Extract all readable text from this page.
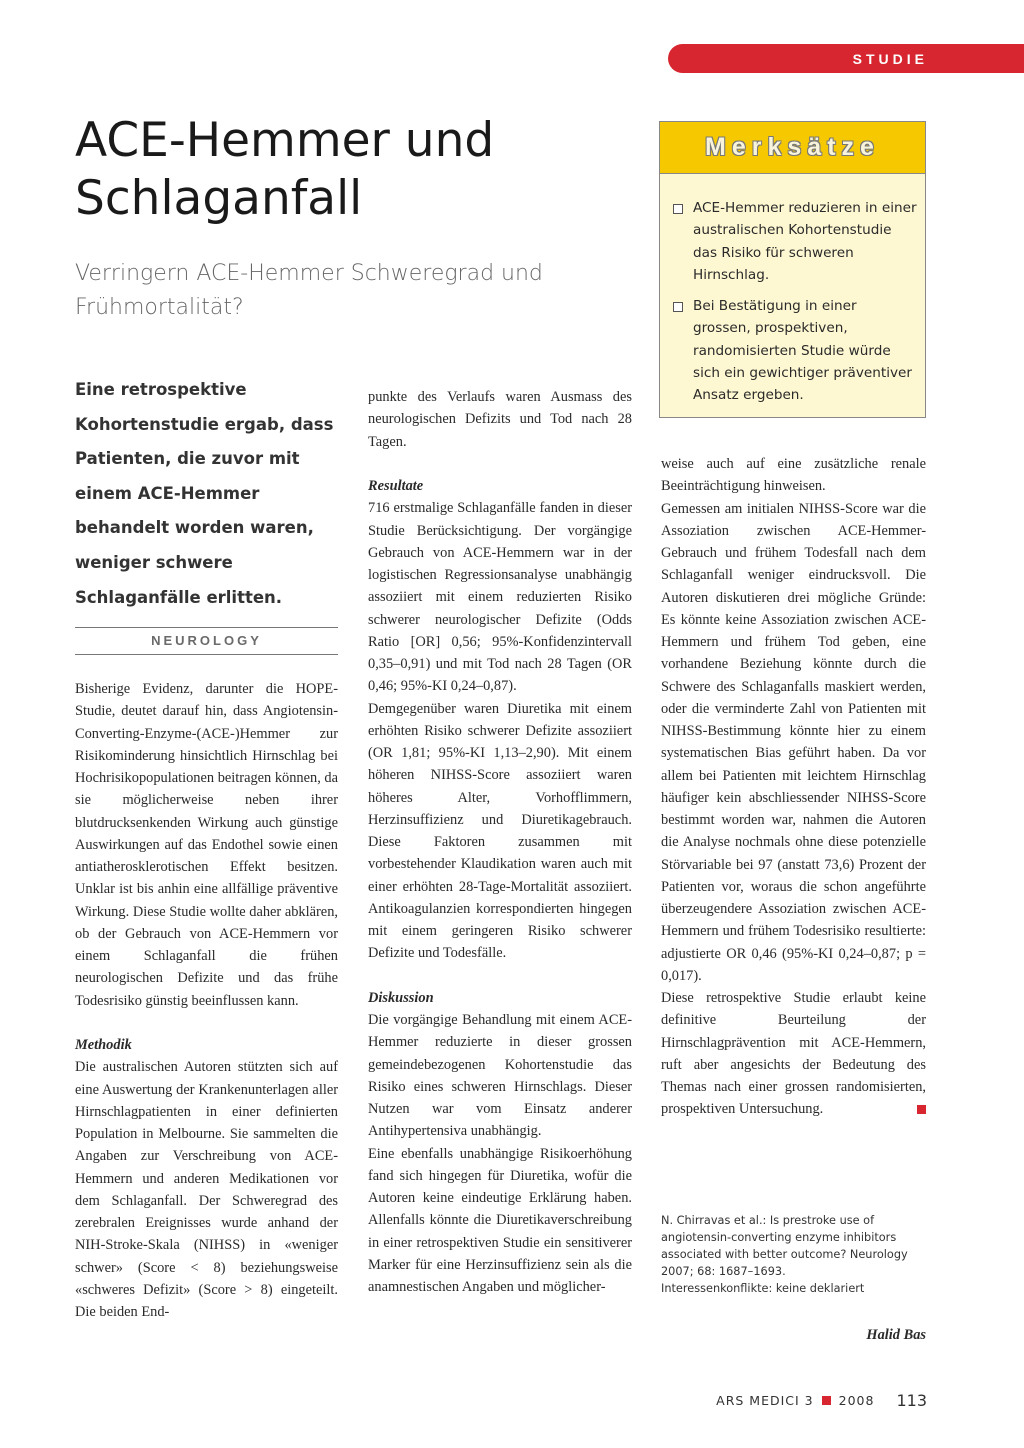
STUDIE
ACE-Hemmer und
Schlaganfall

Verringern ACE-Hemmer Schweregrad und Frühmortalität?

Eine retrospektive Kohortenstudie ergab, dass Patienten, die zuvor mit einem ACE-Hemmer behandelt worden waren, weniger schwere Schlaganfälle erlitten.

NEUROLOGY
Merksätze
ACE-Hemmer reduzieren in einer australischen Kohortenstudie das Risiko für schweren Hirnschlag.
Bei Bestätigung in einer grossen, prospektiven, randomisierten Studie würde sich ein gewichtiger präventiver Ansatz ergeben.

Bisherige Evidenz, darunter die HOPE-Studie, deutet darauf hin, dass Angiotensin-Converting-Enzyme-(ACE-)Hemmer zur Risikominderung hinsichtlich Hirnschlag bei Hochrisikopopulationen beitragen können, da sie möglicherweise neben ihrer blutdrucksenkenden Wirkung auch günstige Auswirkungen auf das Endothel sowie einen antiatherosklerotischen Effekt besitzen. Unklar ist bis anhin eine allfällige präventive Wirkung. Diese Studie wollte daher abklären, ob der Gebrauch von ACE-Hemmern vor einem Schlaganfall die frühen neurologischen Defizite und das frühe Todesrisiko günstig beeinflussen kann.

Methodik

Die australischen Autoren stützten sich auf eine Auswertung der Krankenunterlagen aller Hirnschlagpatienten in einer definierten Population in Melbourne. Sie sammelten die Angaben zur Verschreibung von ACE-Hemmern und anderen Medikationen vor dem Schlaganfall. Der Schweregrad des zerebralen Ereignisses wurde anhand der NIH-Stroke-Skala (NIHSS) in «weniger schwer» (Score < 8) beziehungsweise «schweres Defizit» (Score > 8) eingeteilt. Die beiden End-

punkte des Verlaufs waren Ausmass des neurologischen Defizits und Tod nach 28 Tagen.

Resultate

716 erstmalige Schlaganfälle fanden in dieser Studie Berücksichtigung. Der vorgängige Gebrauch von ACE-Hemmern war in der logistischen Regressionsanalyse unabhängig assoziiert mit einem reduzierten Risiko schwerer neurologischer Defizite (Odds Ratio [OR] 0,56; 95%-Konfidenzintervall 0,35–0,91) und mit Tod nach 28 Tagen (OR 0,46; 95%-KI 0,24–0,87).

Demgegenüber waren Diuretika mit einem erhöhten Risiko schwerer Defizite assoziiert (OR 1,81; 95%-KI 1,13–2,90). Mit einem höheren NIHSS-Score assoziiert waren höheres Alter, Vorhofflimmern, Herzinsuffizienz und Diuretikagebrauch. Diese Faktoren zusammen mit vorbestehender Klaudikation waren auch mit einer erhöhten 28-Tage-Mortalität assoziiert. Antikoagulanzien korrespondierten hingegen mit einem geringeren Risiko schwerer Defizite und Todesfälle.

Diskussion

Die vorgängige Behandlung mit einem ACE-Hemmer reduzierte in dieser grossen gemeindebezogenen Kohortenstudie das Risiko eines schweren Hirnschlags. Dieser Nutzen war vom Einsatz anderer Antihypertensiva unabhängig.

Eine ebenfalls unabhängige Risikoerhöhung fand sich hingegen für Diuretika, wofür die Autoren keine eindeutige Erklärung haben. Allenfalls könnte die Diuretikaverschreibung in einer retrospektiven Studie ein sensitiverer Marker für eine Herzinsuffizienz sein als die anamnestischen Angaben und möglicher-

weise auch auf eine zusätzliche renale Beeinträchtigung hinweisen.

Gemessen am initialen NIHSS-Score war die Assoziation zwischen ACE-Hemmer-Gebrauch und frühem Todesfall nach dem Schlaganfall weniger eindrucksvoll. Die Autoren diskutieren drei mögliche Gründe: Es könnte keine Assoziation zwischen ACE-Hemmern und frühem Tod geben, eine vorhandene Beziehung könnte durch die Schwere des Schlaganfalls maskiert werden, oder die verminderte Zahl von Patienten mit NIHSS-Bestimmung könnte hier zu einem systematischen Bias geführt haben. Da vor allem bei Patienten mit leichtem Hirnschlag häufiger kein abschliessender NIHSS-Score bestimmt worden war, nahmen die Autoren die Analyse nochmals ohne diese potenzielle Störvariable bei 97 (anstatt 73,6) Prozent der Patienten vor, woraus die schon angeführte überzeugendere Assoziation zwischen ACE-Hemmern und frühem Todesrisiko resultierte: adjustierte OR 0,46 (95%-KI 0,24–0,87; p = 0,017).

Diese retrospektive Studie erlaubt keine definitive Beurteilung der Hirnschlagprävention mit ACE-Hemmern, ruft aber angesichts der Bedeutung des Themas nach einer grossen randomisierten, prospektiven Untersuchung.

N. Chirravas et al.: Is prestroke use of angiotensin-converting enzyme inhibitors associated with better outcome? Neurology 2007; 68: 1687–1693.

Interessenkonflikte: keine deklariert

Halid Bas

ARS MEDICI 3 2008 113
